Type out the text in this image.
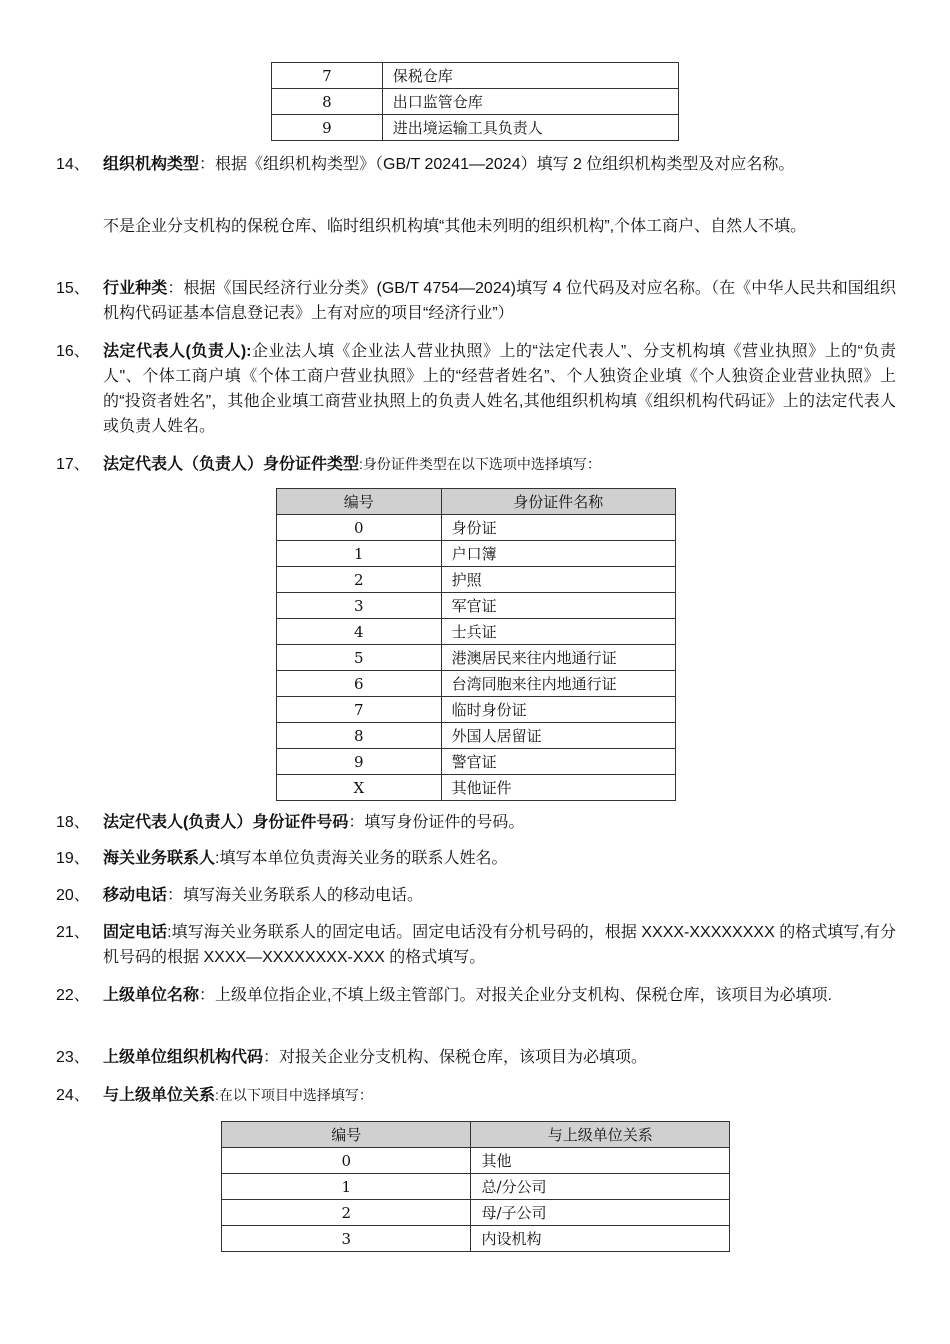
7	保税仓库
8	出口监管仓库
9	进出境运输工具负责人
14、 组织机构类型：根据《组织机构类型》（GB/T 20241—2024）填写 2 位组织机构类型及对应名称。
不是企业分支机构的保税仓库、临时组织机构填“其他未列明的组织机构”,个体工商户、自然人不填。
15、 行业种类：根据《国民经济行业分类》(GB/T 4754—2024)填写 4 位代码及对应名称。（在《中华人民共和国组织机构代码证基本信息登记表》上有对应的项目“经济行业”）
16、 法定代表人(负责人):企业法人填《企业法人营业执照》上的“法定代表人”、分支机构填《营业执照》上的“负责人"、个体工商户填《个体工商户营业执照》上的“经营者姓名”、个人独资企业填《个人独资企业营业执照》上的“投资者姓名”，其他企业填工商营业执照上的负责人姓名,其他组织机构填《组织机构代码证》上的法定代表人或负责人姓名。
17、 法定代表人（负责人）身份证件类型:身份证件类型在以下选项中选择填写：
编号	身份证件名称
0	身份证
1	户口簿
2	护照
3	军官证
4	士兵证
5	港澳居民来往内地通行证
6	台湾同胞来往内地通行证
7	临时身份证
8	外国人居留证
9	警官证
X	其他证件
18、 法定代表人(负责人）身份证件号码：填写身份证件的号码。
19、 海关业务联系人:填写本单位负责海关业务的联系人姓名。
20、 移动电话：填写海关业务联系人的移动电话。
21、 固定电话:填写海关业务联系人的固定电话。固定电话没有分机号码的，根据 XXXX-XXXXXXXX 的格式填写,有分机号码的根据 XXXX—XXXXXXXX-XXX 的格式填写。
22、 上级单位名称：上级单位指企业,不填上级主管部门。对报关企业分支机构、保税仓库，该项目为必填项.
23、 上级单位组织机构代码：对报关企业分支机构、保税仓库，该项目为必填项。
24、 与上级单位关系:在以下项目中选择填写：
编号	与上级单位关系
0	其他
1	总/分公司
2	母/子公司
3	内设机构
